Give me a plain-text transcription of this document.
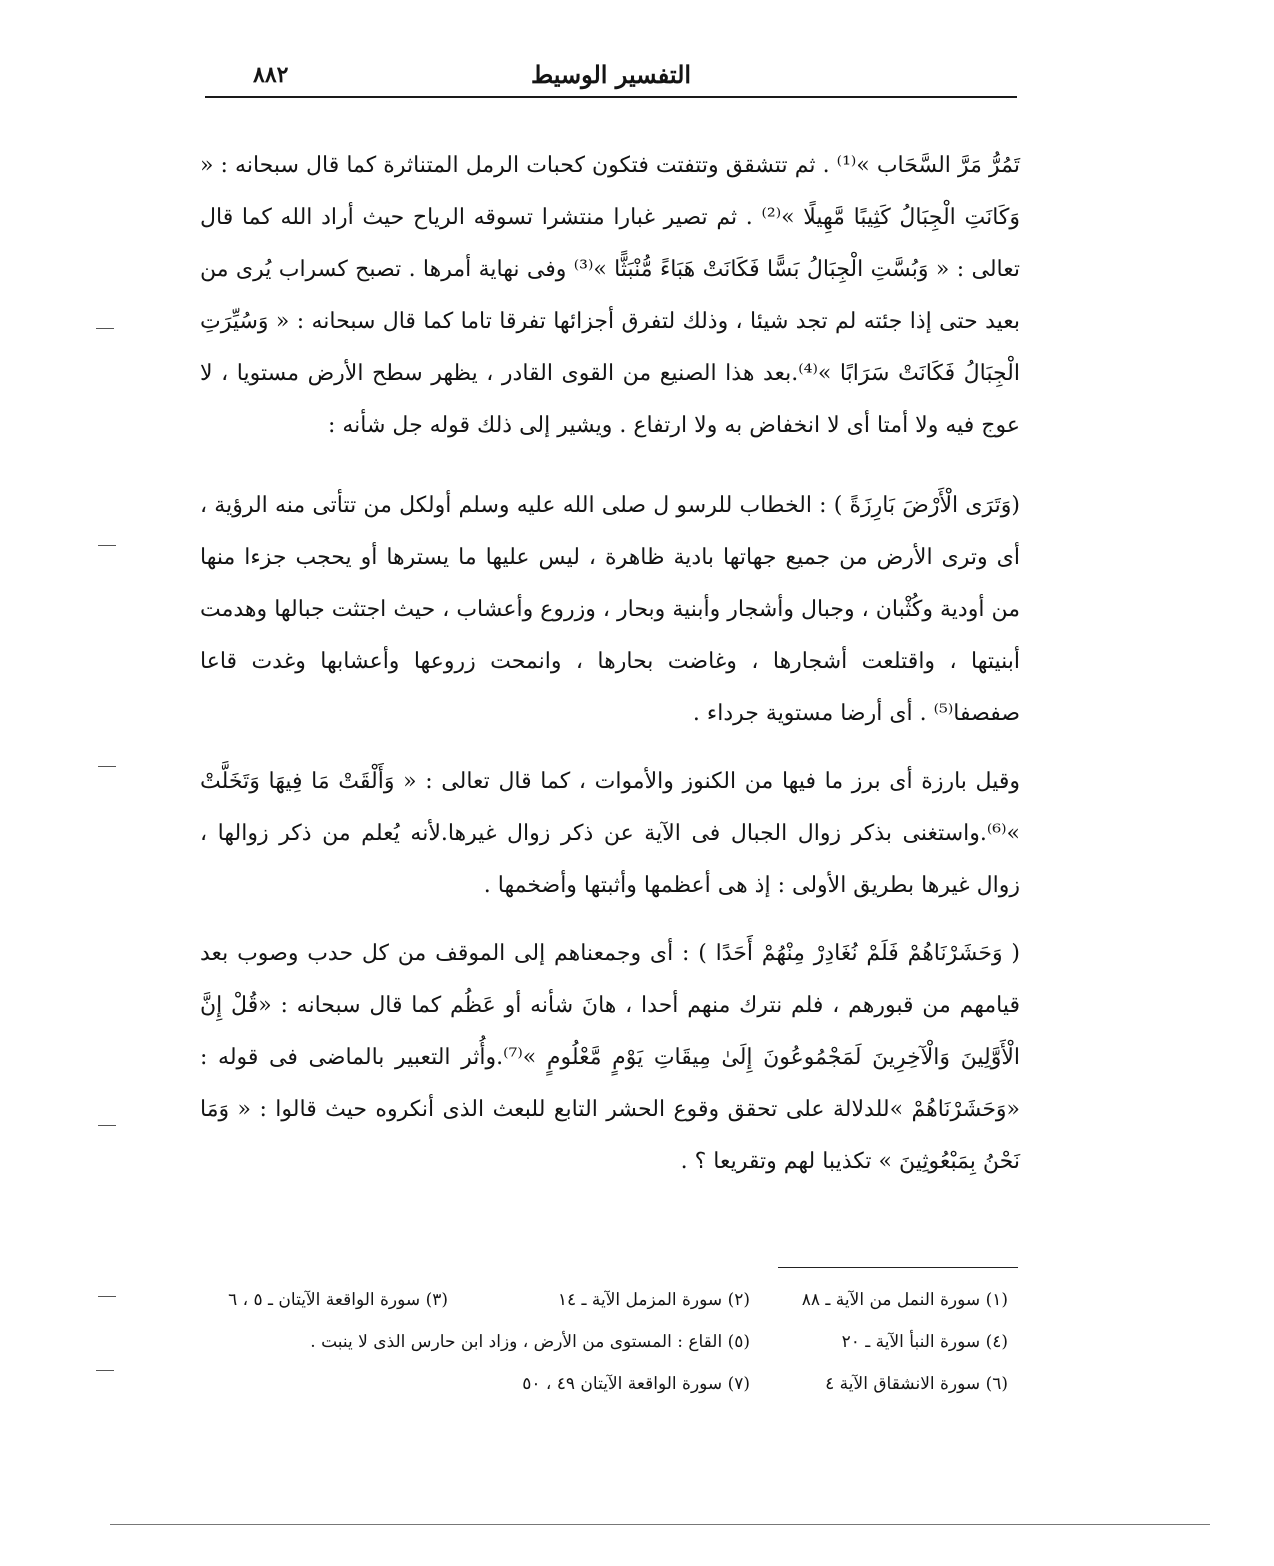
٨٨٢	التفسير الوسيط

تَمُرُّ مَرَّ السَّحَاب »⁽¹⁾ . ثم تتشقق وتتفتت فتكون كحبات الرمل المتناثرة كما قال سبحانه : « وَكَانَتِ الْجِبَالُ كَثِيبًا مَّهِيلًا »⁽²⁾ . ثم تصير غبارا منتشرا تسوقه الرياح حيث أراد الله كما قال تعالى : « وَبُسَّتِ الْجِبَالُ بَسًّا فَكَانَتْ هَبَاءً مُّنْبَثًّا »⁽³⁾ وفى نهاية أمرها . تصبح كسراب يُرى من بعيد حتى إذا جئته لم تجد شيئا ، وذلك لتفرق أجزائها تفرقا تاما كما قال سبحانه : « وَسُيِّرَتِ الْجِبَالُ فَكَانَتْ سَرَابًا »⁽⁴⁾.بعد هذا الصنيع من القوى القادر ، يظهر سطح الأرض مستويا ، لا عوج فيه ولا أمتا أى لا انخفاض به ولا ارتفاع . ويشير إلى ذلك قوله جل شأنه :

(وَتَرَى الْأَرْضَ بَارِزَةً ) : الخطاب للرسو ل صلى الله عليه وسلم أولكل من تتأتى منه الرؤية ، أى وترى الأرض من جميع جهاتها بادية ظاهرة ، ليس عليها ما يسترها أو يحجب جزءا منها من أودية وكُثْبان ، وجبال وأشجار وأبنية وبحار ، وزروع وأعشاب ، حيث اجتثت جبالها وهدمت أبنيتها ، واقتلعت أشجارها ، وغاضت بحارها ، وانمحت زروعها وأعشابها وغدت قاعا صفصفا⁽⁵⁾ . أى أرضا مستوية جرداء .

وقيل بارزة أى برز ما فيها من الكنوز والأموات ، كما قال تعالى : « وَأَلْقَتْ مَا فِيهَا وَتَخَلَّتْ »⁽⁶⁾.واستغنى بذكر زوال الجبال فى الآية عن ذكر زوال غيرها.لأنه يُعلم من ذكر زوالها ، زوال غيرها بطريق الأولى : إذ هى أعظمها وأثبتها وأضخمها .

( وَحَشَرْنَاهُمْ فَلَمْ نُغَادِرْ مِنْهُمْ أَحَدًا ) : أى وجمعناهم إلى الموقف من كل حدب وصوب بعد قيامهم من قبورهم ، فلم نترك منهم أحدا ، هانَ شأنه أو عَظُم كما قال سبحانه : «قُلْ إِنَّ الْأَوَّلِينَ وَالْآخِرِينَ لَمَجْمُوعُونَ إِلَىٰ مِيقَاتِ يَوْمٍ مَّعْلُومٍ »⁽⁷⁾.وأُثر التعبير بالماضى فى قوله : «وَحَشَرْنَاهُمْ »للدلالة على تحقق وقوع الحشر التابع للبعث الذى أنكروه حيث قالوا : « وَمَا نَحْنُ بِمَبْعُوثِينَ » تكذيبا لهم وتقريعا ؟ .

(١) سورة النمل من الآية ـ ٨٨
(٢) سورة المزمل الآية ـ ١٤
(٣) سورة الواقعة الآيتان ـ ٥ ، ٦
(٤) سورة النبأ الآية ـ ٢٠
(٥) القاع : المستوى من الأرض ، وزاد ابن حارس الذى لا ينبت .
(٦) سورة الانشقاق الآية ٤
(٧) سورة الواقعة الآيتان ٤٩ ، ٥٠
